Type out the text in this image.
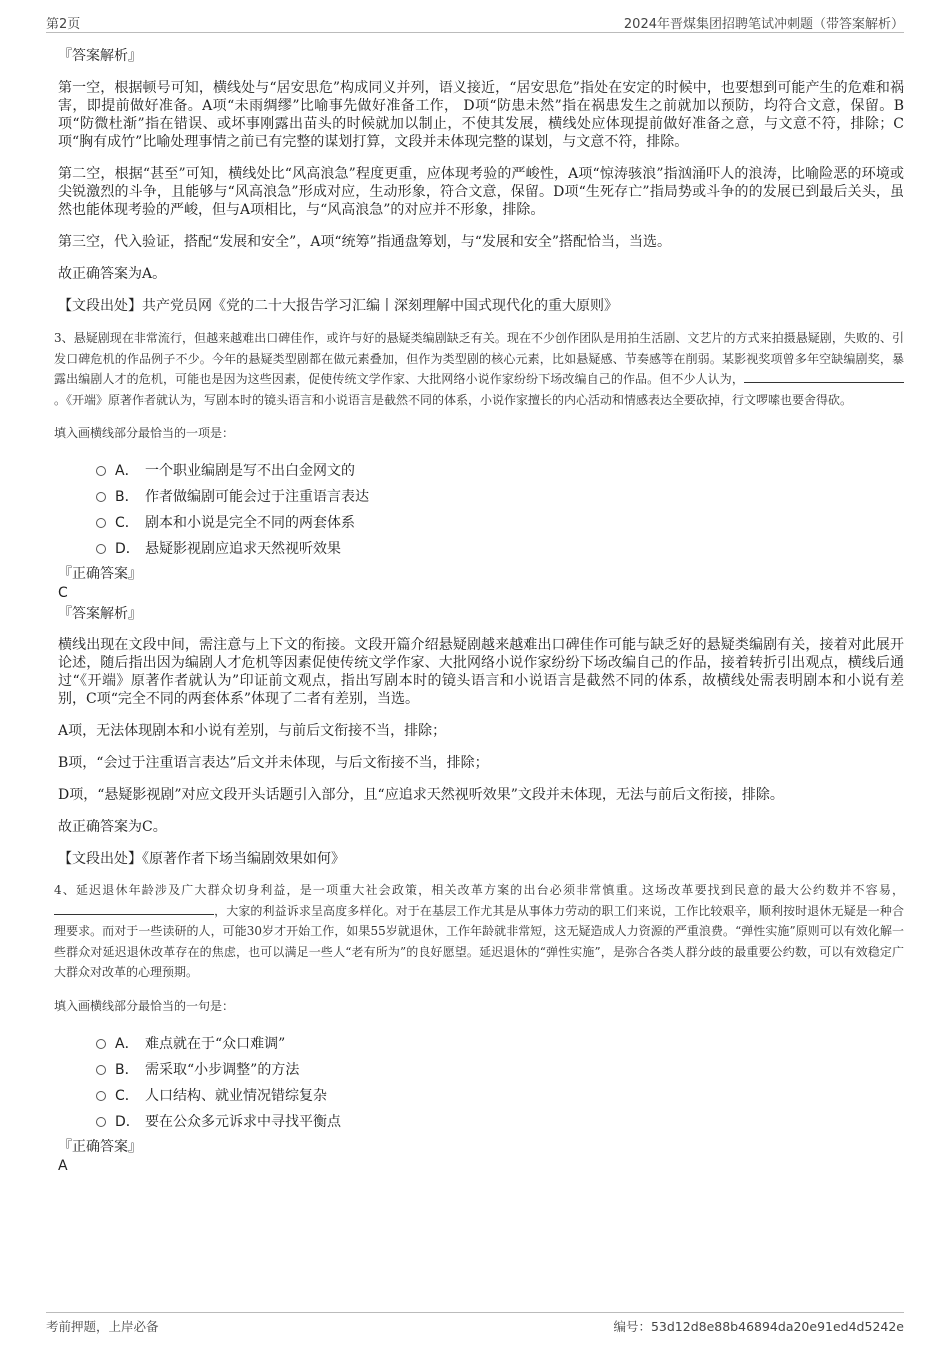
第2页	2024年晋煤集团招聘笔试冲刺题（带答案解析）
『答案解析』

第一空，根据顿号可知，横线处与“居安思危”构成同义并列，语义接近，“居安思危”指处在安定的时候中，也要想到可能产生的危难和祸害，即提前做好准备。A项“未雨绸缪”比喻事先做好准备工作， D项“防患未然”指在祸患发生之前就加以预防，均符合文意，保留。B项“防微杜渐”指在错误、或坏事刚露出苗头的时候就加以制止，不使其发展，横线处应体现提前做好准备之意，与文意不符，排除；C项“胸有成竹”比喻处理事情之前已有完整的谋划打算，文段并未体现完整的谋划，与文意不符，排除。

第二空，根据“甚至”可知，横线处比“风高浪急”程度更重，应体现考验的严峻性，A项“惊涛骇浪”指汹涌吓人的浪涛，比喻险恶的环境或尖锐激烈的斗争，且能够与“风高浪急”形成对应，生动形象，符合文意，保留。D项“生死存亡”指局势或斗争的的发展已到最后关头，虽然也能体现考验的严峻，但与A项相比，与“风高浪急”的对应并不形象，排除。

第三空，代入验证，搭配“发展和安全”，A项“统筹”指通盘筹划，与“发展和安全”搭配恰当，当选。

故正确答案为A。

【文段出处】共产党员网《党的二十大报告学习汇编丨深刻理解中国式现代化的重大原则》

3、悬疑剧现在非常流行，但越来越难出口碑佳作，或许与好的悬疑类编剧缺乏有关。现在不少创作团队是用拍生活剧、文艺片的方式来拍摄悬疑剧，失败的、引发口碑危机的作品例子不少。今年的悬疑类型剧都在做元素叠加，但作为类型剧的核心元素，比如悬疑感、节奏感等在削弱。某影视奖项曾多年空缺编剧奖，暴露出编剧人才的危机，可能也是因为这些因素，促使传统文学作家、大批网络小说作家纷纷下场改编自己的作品。但不少人认为，。《开端》原著作者就认为，写剧本时的镜头语言和小说语言是截然不同的体系，小说作家擅长的内心活动和情感表达全要砍掉，行文啰嗦也要舍得砍。

填入画横线部分最恰当的一项是：

A． 一个职业编剧是写不出白金网文的
B． 作者做编剧可能会过于注重语言表达
C． 剧本和小说是完全不同的两套体系
D． 悬疑影视剧应追求天然视听效果
『正确答案』
C
『答案解析』

横线出现在文段中间，需注意与上下文的衔接。文段开篇介绍悬疑剧越来越难出口碑佳作可能与缺乏好的悬疑类编剧有关，接着对此展开论述，随后指出因为编剧人才危机等因素促使传统文学作家、大批网络小说作家纷纷下场改编自己的作品，接着转折引出观点，横线后通过“《开端》原著作者就认为”印证前文观点，指出写剧本时的镜头语言和小说语言是截然不同的体系，故横线处需表明剧本和小说有差别，C项“完全不同的两套体系”体现了二者有差别，当选。

A项，无法体现剧本和小说有差别，与前后文衔接不当，排除；

B项，“会过于注重语言表达”后文并未体现，与后文衔接不当，排除；

D项，“悬疑影视剧”对应文段开头话题引入部分，且“应追求天然视听效果”文段并未体现，无法与前后文衔接，排除。

故正确答案为C。

【文段出处】《原著作者下场当编剧效果如何》

4、延迟退休年龄涉及广大群众切身利益，是一项重大社会政策，相关改革方案的出台必须非常慎重。这场改革要找到民意的最大公约数并不容易，，大家的利益诉求呈高度多样化。对于在基层工作尤其是从事体力劳动的职工们来说，工作比较艰辛，顺利按时退休无疑是一种合理要求。而对于一些读研的人，可能30岁才开始工作，如果55岁就退休，工作年龄就非常短，这无疑造成人力资源的严重浪费。“弹性实施”原则可以有效化解一些群众对延迟退休改革存在的焦虑，也可以满足一些人“老有所为”的良好愿望。延迟退休的“弹性实施”，是弥合各类人群分歧的最重要公约数，可以有效稳定广大群众对改革的心理预期。

填入画横线部分最恰当的一句是：

A． 难点就在于“众口难调”
B． 需采取“小步调整”的方法
C． 人口结构、就业情况错综复杂
D． 要在公众多元诉求中寻找平衡点
『正确答案』
A
考前押题，上岸必备	编号：53d12d8e88b46894da20e91ed4d5242e
